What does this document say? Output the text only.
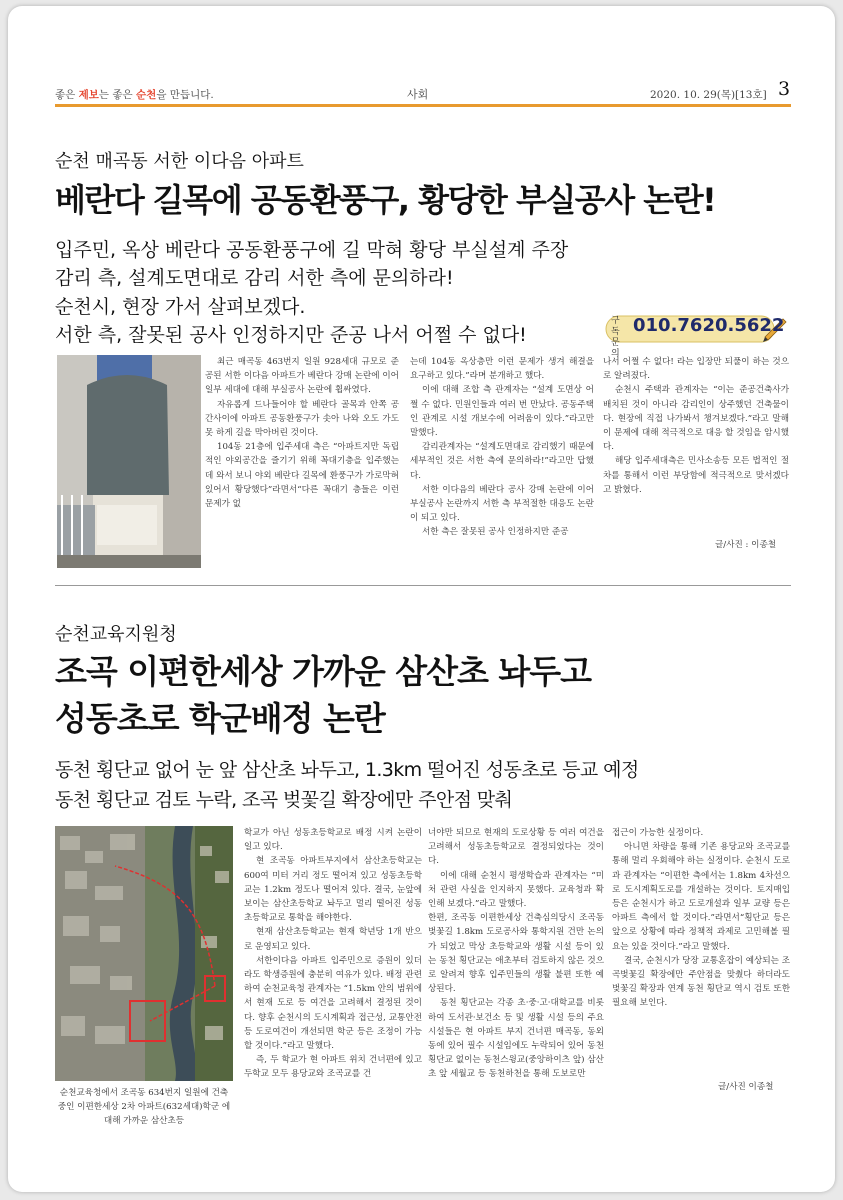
좋은 제보는 좋은 순천을 만듭니다.	사회	2020. 10. 29(목) [13호] 3
순천 매곡동 서한 이다음 아파트
베란다 길목에 공동환풍구, 황당한 부실공사 논란!
입주민, 옥상 베란다 공동환풍구에 길 막혀 황당 부실설계 주장
감리 측, 설계도면대로 감리 서한 측에 문의하라!
순천시, 현장 가서 살펴보겠다.
서한 측, 잘못된 공사 인정하지만 준공 나서 어쩔 수 없다!
구독 문의
010.7620.5622

최근 매곡동 463번지 일원 928세대 규모로 준공된 서한 이다음 아파트가 베란다 강매 논란에 이어 일부 세대에 대해 부실공사 논란에 휩싸였다.

자유롭게 드나들어야 할 베란다 골목과 안쪽 공간사이에 아파트 공동환풍구가 솟아 나와 오도 가도 못 하게 길을 막아버린 것이다.

104동 21층에 입주세대 측은 “아파트지만 독립적인 야외공간을 즐기기 위해 꼭대기층을 입주했는데 와서 보니 야외 베란다 길목에 환풍구가 가로막혀 있어서 황당했다”라면서“다른 꼭대기 층들은 이런 문제가 없

는데 104동 옥상층만 이런 문제가 생겨 해결을 요구하고 있다.”라며 분개하고 했다.

이에 대해 조합 측 관계자는 “설계 도면상 어쩔 수 없다. 민원인들과 여러 번 만났다. 공동주택인 관계로 시설 개보수에 어려움이 있다.”라고만 말했다.

감리관계자는 “설계도면대로 감리했기 때문에 세부적인 것은 서한 측에 문의하라!”라고만 답했다.

서한 이다음의 베란다 공사 강매 논란에 이어 부실공사 논란까지 서한 측 부적절한 대응도 논란이 되고 있다.

서한 측은 잘못된 공사 인정하지만 준공

나서 어쩔 수 없다! 라는 입장만 되풀이 하는 것으로 알려졌다.

순천시 주택과 관계자는 “이는 준공건축사가 배치된 것이 아니라 감리인이 상주했던 건축물이다. 현장에 직접 나가봐서 챙겨보겠다.”라고 말해 이 문제에 대해 적극적으로 대응 할 것임을 암시했다.

해당 입주세대측은 민사소송등 모든 법적인 절차를 통해서 이런 부당함에 적극적으로 맞서겠다고 밝혔다.

글/사진 : 이종철
순천교육지원청
조곡 이편한세상 가까운 삼산초 놔두고
성동초로 학군배정 논란
동천 횡단교 없어 눈 앞 삼산초 놔두고, 1.3km 떨어진 성동초로 등교 예정
동천 횡단교 검토 누락, 조곡 벚꽃길 확장에만 주안점 맞춰
순천교육청에서 조곡동 634번지 일원에 건축 중인 이편한세상 2차 아파트(632세대)학군 에 대해 가까운 삼산초등

학교가 아닌 성동초등학교로 배정 시켜 논란이 일고 있다.

현 조곡동 아파트부지에서 삼산초등학교는 600여 미터 거리 정도 떨어져 있고 성동초등학교는 1.2km 정도나 떨어져 있다. 결국, 눈앞에 보이는 삼산초등학교 놔두고 멀리 떨어진 성동초등학교로 통학을 해야한다.

현재 삼산초등학교는 현재 학년당 1개 반으로 운영되고 있다.

서한이다음 아파트 입주민으로 증원이 있더라도 학생증원에 충분히 여유가 있다. 배정 관련하여 순천교육청 관계자는 “1.5km 안의 범위에서 현재 도로 등 여건을 고려해서 결정된 것이다. 향후 순천시의 도시계획과 접근성, 교통안전 등 도로여건이 개선되면 학군 등은 조정이 가능할 것이다.”라고 말했다.

즉, 두 학교가 현 아파트 위치 건너편에 있고 두학교 모두 용당교와 조곡교를 건

너야만 되므로 현재의 도로상황 등 여러 여건을 고려해서 성동초등학교로 결정되었다는 것이다.

이에 대해 순천시 평생학습과 관계자는 “미처 관련 사실을 인지하지 못했다. 교육청과 확인해 보겠다.”라고 말했다.

한편, 조곡동 이편한세상 건축심의당시 조곡동 벚꽃길 1.8km 도로공사와 통학지원 건만 논의가 되었고 막상 초등학교와 생활 시설 등이 있는 동천 횡단교는 애초부터 검토하지 않은 것으로 알려져 향후 입주민들의 생활 불편 또한 예상된다.

동천 횡단교는 각종 초·중·고·대학교를 비롯하여 도서관·보건소 등 및 생활 시설 등의 주요 시설들은 현 아파트 부지 건너편 매곡동, 동외동에 있어 필수 시설임에도 누락되어 있어 동천횡단교 없이는 동천스윙교(중앙하이츠 앞) 삼산초 앞 세월교 등 동천하천을 통해 도보로만

접근이 가능한 실정이다.

아니면 차량을 통해 기존 용당교와 조곡교를 통해 멀리 우회해야 하는 실정이다. 순천시 도로과 관계자는 “이편한 측에서는 1.8km 4차선으로 도시계획도로를 개설하는 것이다. 토지매입등은 순천시가 하고 도로개설과 일부 교량 등은 아파트 측에서 할 것이다.”라면서“횡단교 등은 앞으로 상황에 따라 정책적 과제로 고민해볼 필요는 있을 것이다.”라고 말했다.

결국, 순천시가 당장 교통혼잡이 예상되는 조곡벚꽃길 확장에만 주안점을 맞췄다 하더라도 벚꽃길 확장과 연계 동천 횡단교 역시 검토 또한 필요해 보인다.

글/사진 이종철
